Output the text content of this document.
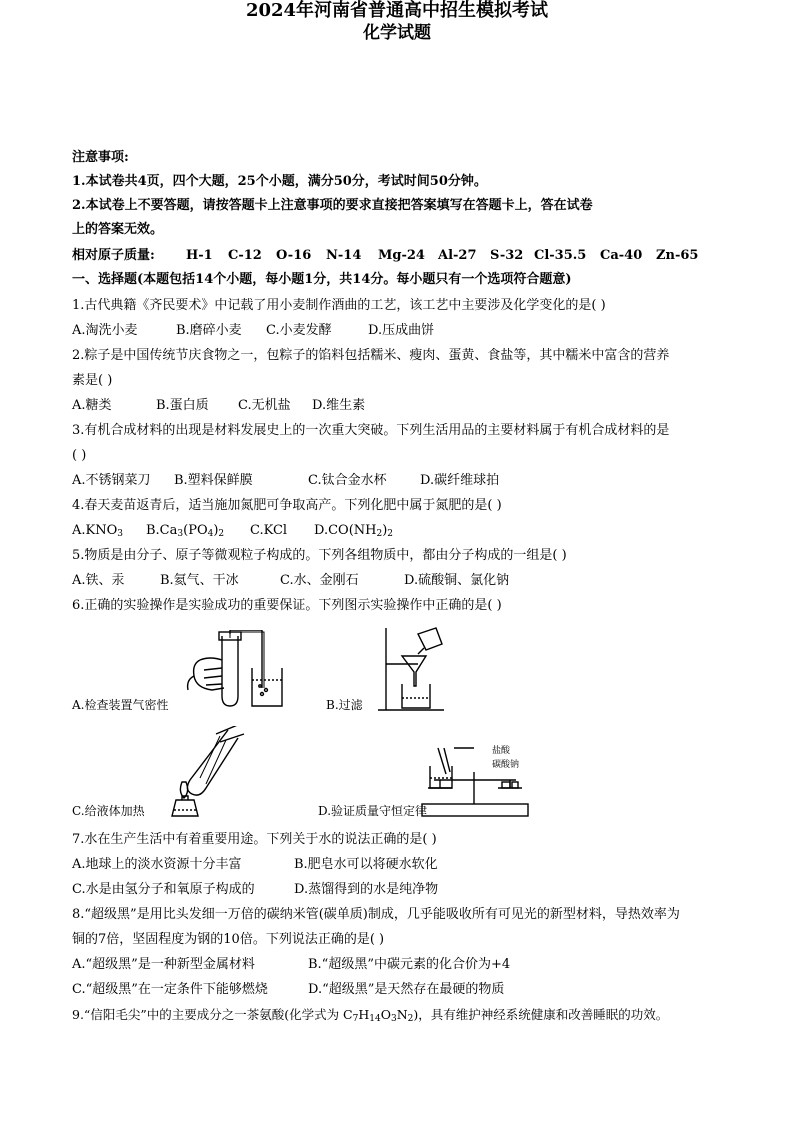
2024年河南省普通高中招生模拟考试
化学试题
注意事项:
1.本试卷共4页，四个大题，25个小题，满分50分，考试时间50分钟。
2.本试卷上不要答题，请按答题卡上注意事项的要求直接把答案填写在答题卡上，答在试卷
上的答案无效。
相对原子质量: H-1 C-12 O-16 N-14 Mg-24 Al-27 S-32 Cl-35.5 Ca-40 Zn-65
一、选择题(本题包括14个小题，每小题1分，共14分。每小题只有一个选项符合题意)
1.古代典籍《齐民要术》中记载了用小麦制作酒曲的工艺，该工艺中主要涉及化学变化的是( )
A.淘洗小麦	B.磨碎小麦 C.小麦发酵	D.压成曲饼
2.粽子是中国传统节庆食物之一，包粽子的馅料包括糯米、瘦肉、蛋黄、食盐等，其中糯米中富含的营养
素是( )
A.糖类	B.蛋白质 C.无机盐 D.维生素
3.有机合成材料的出现是材料发展史上的一次重大突破。下列生活用品的主要材料属于有机合成材料的是
( )
A.不锈钢菜刀 B.塑料保鲜膜	C.钛合金水杯	D.碳纤维球拍
4.春天麦苗返青后，适当施加氮肥可争取高产。下列化肥中属于氮肥的是( )
$A.KNO_3$ $B.Ca_3(PO_4)_2$ C.KCl $D.CO(NH_2)_2$
5.物质是由分子、原子等微观粒子构成的。下列各组物质中，都由分子构成的一组是( )
A.铁、汞	B.氦气、干冰	C.水、金刚石	D.硫酸铜、氯化钠
6.正确的实验操作是实验成功的重要保证。下列图示实验操作中正确的是( )
A.检查装置气密性	B.过滤
C.给液体加热
盐酸
碳酸钠
D.验证质量守恒定律
7.水在生产生活中有着重要用途。下列关于水的说法正确的是( )
A.地球上的淡水资源十分丰富	B.肥皂水可以将硬水软化
C.水是由氢分子和氧原子构成的	D.蒸馏得到的水是纯净物
8.“超级黑”是用比头发细一万倍的碳纳米管(碳单质)制成，几乎能吸收所有可见光的新型材料，导热效率为
铜的7倍，坚固程度为钢的10倍。下列说法正确的是( )
A.“超级黑”是一种新型金属材料	B.“超级黑”中碳元素的化合价为+4
C.“超级黑”在一定条件下能够燃烧	D.“超级黑”是天然存在最硬的物质
9.“信阳毛尖”中的主要成分之一茶氨酸(化学式为 $C_7H_{14}O_3N_2$)，具有维护神经系统健康和改善睡眠的功效。
